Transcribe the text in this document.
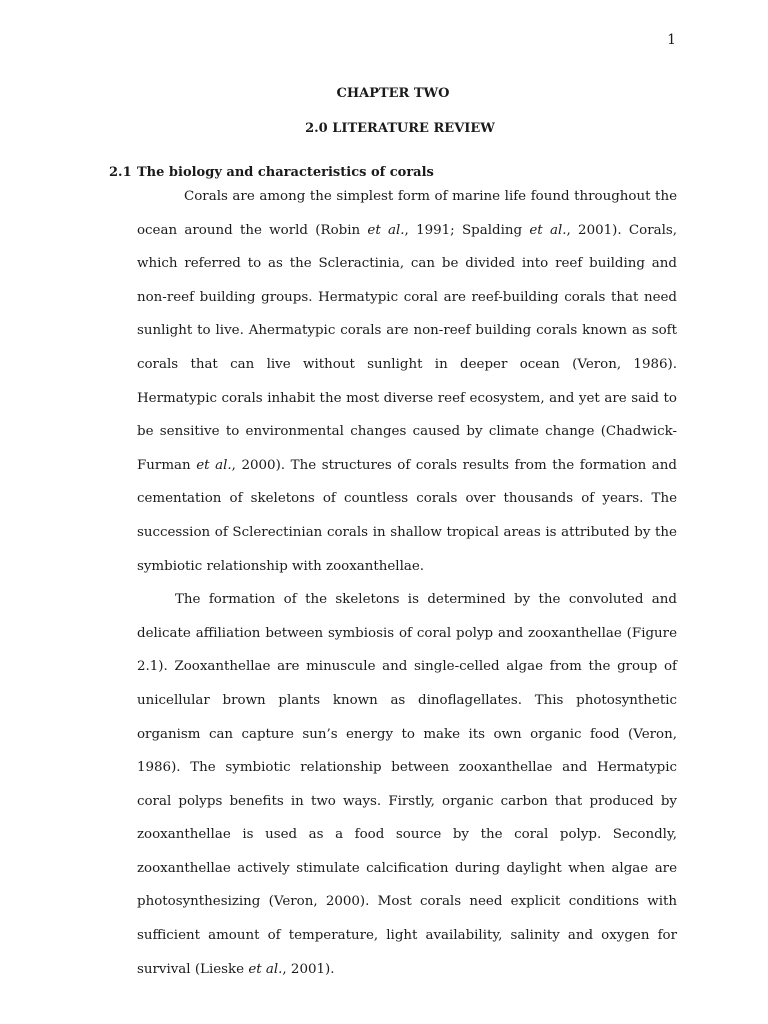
1
CHAPTER TWO
2.0 LITERATURE REVIEW
2.1 The biology and characteristics of corals

Corals are among the simplest form of marine life found throughout the ocean around the world (Robin et al., 1991; Spalding et al., 2001). Corals, which referred to as the Scleractinia, can be divided into reef building and non-reef building groups. Hermatypic coral are reef-building corals that need sunlight to live. Ahermatypic corals are non-reef building corals known as soft corals that can live without sunlight in deeper ocean (Veron, 1986). Hermatypic corals inhabit the most diverse reef ecosystem, and yet are said to be sensitive to environmental changes caused by climate change (Chadwick-Furman et al., 2000). The structures of corals results from the formation and cementation of skeletons of countless corals over thousands of years. The succession of Sclerectinian corals in shallow tropical areas is attributed by the symbiotic relationship with zooxanthellae.

The formation of the skeletons is determined by the convoluted and delicate affiliation between symbiosis of coral polyp and zooxanthellae (Figure 2.1). Zooxanthellae are minuscule and single-celled algae from the group of unicellular brown plants known as dinoflagellates. This photosynthetic organism can capture sun’s energy to make its own organic food (Veron, 1986). The symbiotic relationship between zooxanthellae and Hermatypic coral polyps benefits in two ways. Firstly, organic carbon that produced by zooxanthellae is used as a food source by the coral polyp. Secondly, zooxanthellae actively stimulate calcification during daylight when algae are photosynthesizing (Veron, 2000). Most corals need explicit conditions with sufficient amount of temperature, light availability, salinity and oxygen for survival (Lieske et al., 2001).
